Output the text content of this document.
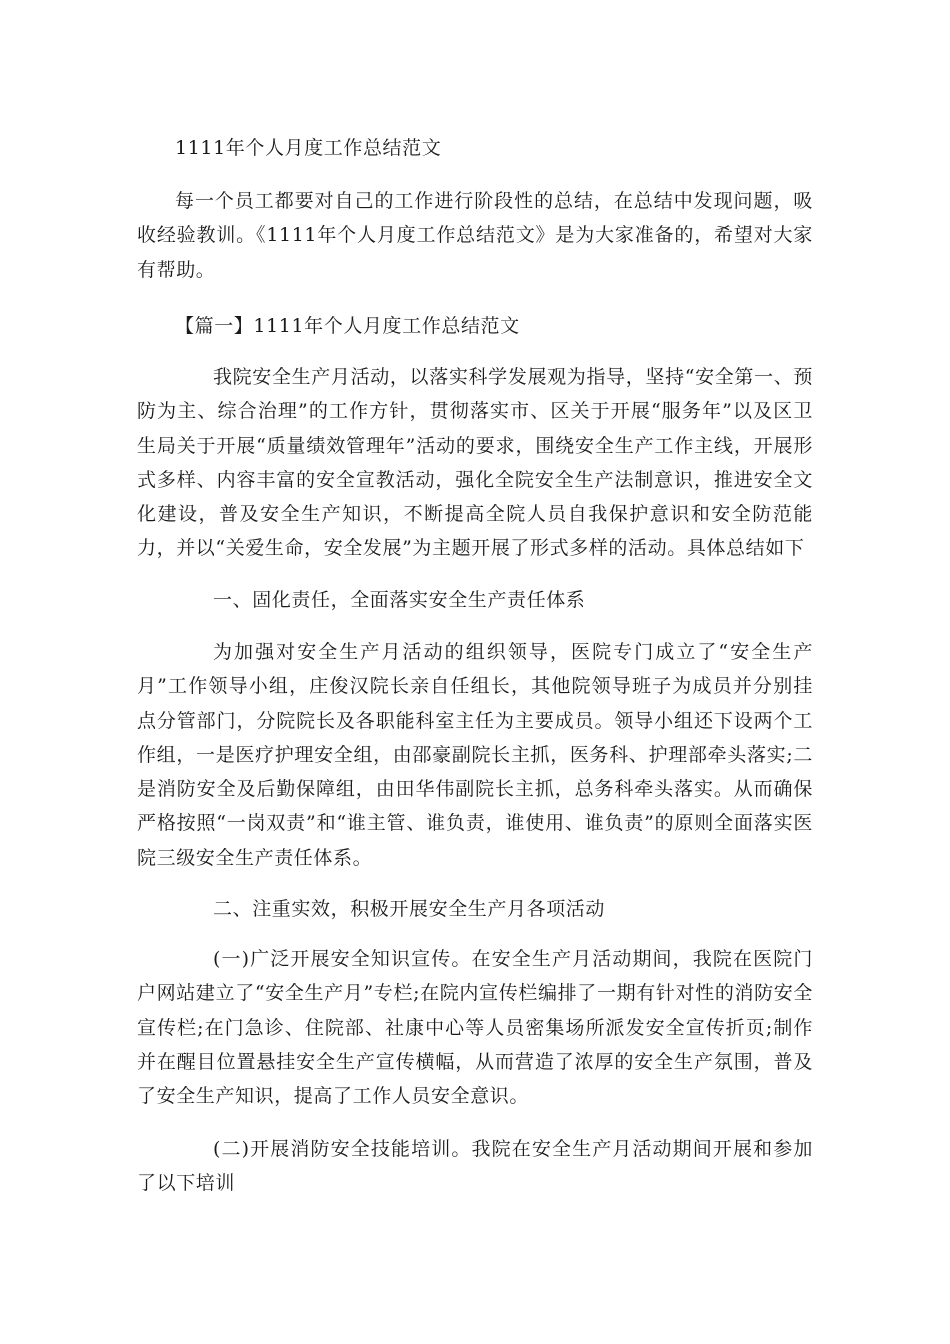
1111年个人月度工作总结范文

每一个员工都要对自己的工作进行阶段性的总结，在总结中发现问题，吸收经验教训。《1111年个人月度工作总结范文》是为大家准备的，希望对大家有帮助。

【篇一】1111年个人月度工作总结范文

我院安全生产月活动，以落实科学发展观为指导，坚持“安全第一、预防为主、综合治理”的工作方针，贯彻落实市、区关于开展“服务年”以及区卫生局关于开展“质量绩效管理年”活动的要求，围绕安全生产工作主线，开展形式多样、内容丰富的安全宣教活动，强化全院安全生产法制意识，推进安全文化建设，普及安全生产知识，不断提高全院人员自我保护意识和安全防范能力，并以“关爱生命，安全发展”为主题开展了形式多样的活动。具体总结如下

一、固化责任，全面落实安全生产责任体系

为加强对安全生产月活动的组织领导，医院专门成立了“安全生产月”工作领导小组，庄俊汉院长亲自任组长，其他院领导班子为成员并分别挂点分管部门，分院院长及各职能科室主任为主要成员。领导小组还下设两个工作组，一是医疗护理安全组，由邵豪副院长主抓，医务科、护理部牵头落实;二是消防安全及后勤保障组，由田华伟副院长主抓，总务科牵头落实。从而确保严格按照“一岗双责”和“谁主管、谁负责，谁使用、谁负责”的原则全面落实医院三级安全生产责任体系。

二、注重实效，积极开展安全生产月各项活动

(一)广泛开展安全知识宣传。在安全生产月活动期间，我院在医院门户网站建立了“安全生产月”专栏;在院内宣传栏编排了一期有针对性的消防安全宣传栏;在门急诊、住院部、社康中心等人员密集场所派发安全宣传折页;制作并在醒目位置悬挂安全生产宣传横幅，从而营造了浓厚的安全生产氛围，普及了安全生产知识，提高了工作人员安全意识。

(二)开展消防安全技能培训。我院在安全生产月活动期间开展和参加了以下培训
